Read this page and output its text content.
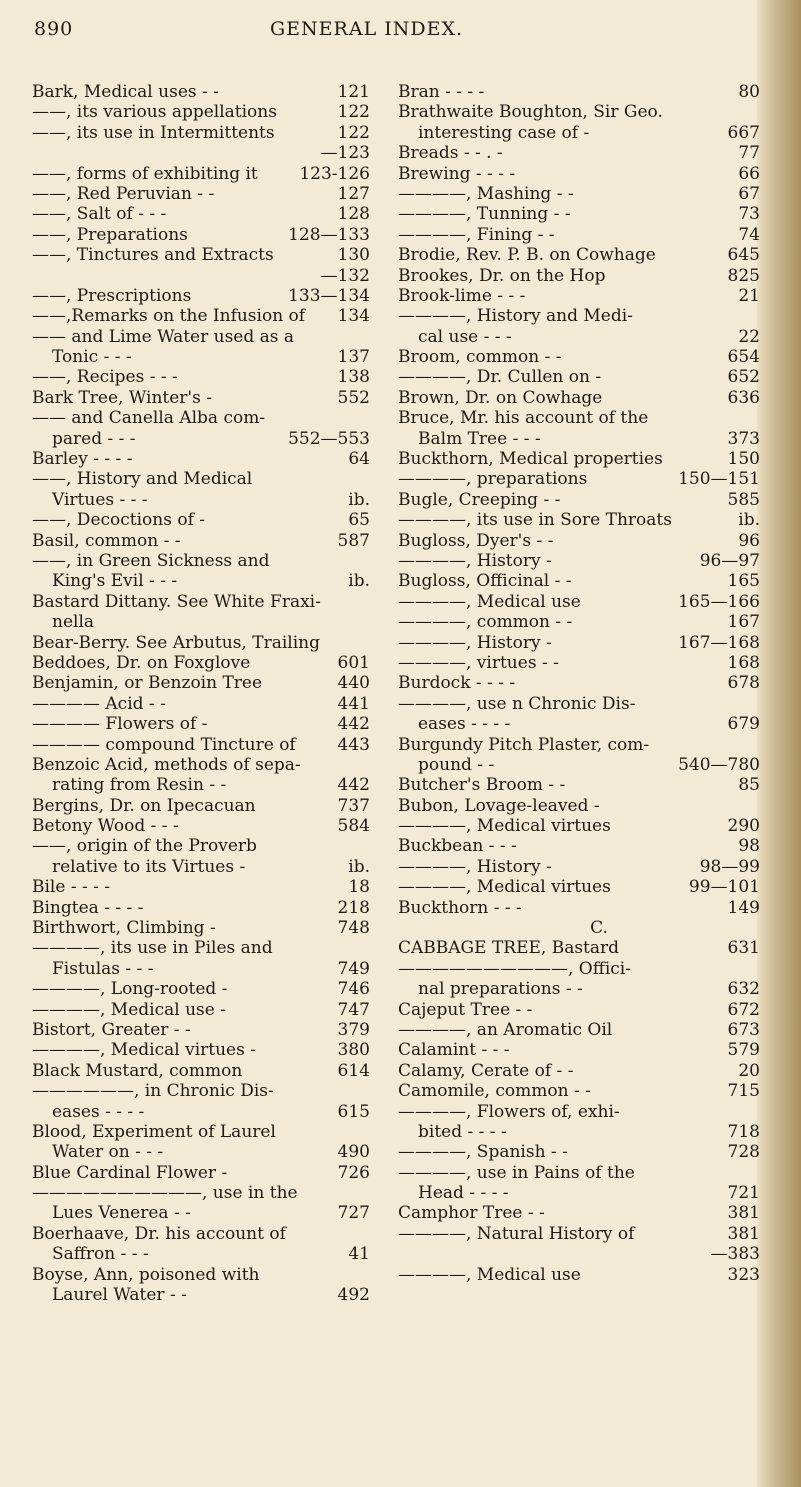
890	GENERAL INDEX.
Bark, Medical uses - -	121
——, its various appellations	122
——, its use in Intermittents	122
—123
——, forms of exhibiting it 123-126
——, Red Peruvian - -	127
——, Salt of - - -	128
——, Preparations	128—133
——, Tinctures and Extracts	130
—132
——, Prescriptions	133—134
——,Remarks on the Infusion of 134
—— and Lime Water used as a
Tonic - - -	137
——, Recipes - - -	138
Bark Tree, Winter's -	552
—— and Canella Alba com-
pared - - -	552—553
Barley - - - -	64
——, History and Medical
Virtues - - -	ib.
——, Decoctions of -	65
Basil, common - -	587
——, in Green Sickness and
King's Evil - - -	ib.
Bastard Dittany. See White Fraxi-
nella
Bear-Berry. See Arbutus, Trailing
Beddoes, Dr. on Foxglove	601
Benjamin, or Benzoin Tree	440
———— Acid - -	441
———— Flowers of -	442
———— compound Tincture of 443
Benzoic Acid, methods of sepa-
rating from Resin - -	442
Bergins, Dr. on Ipecacuan	737
Betony Wood - - -	584
——, origin of the Proverb
relative to its Virtues -	ib.
Bile - - - -	18
Bingtea - - - -	218
Birthwort, Climbing -	748
————, its use in Piles and
Fistulas - - -	749
————, Long-rooted -	746
————, Medical use -	747
Bistort, Greater - -	379
————, Medical virtues -	380
Black Mustard, common	614
——————, in Chronic Dis-
eases - - - -	615
Blood, Experiment of Laurel
Water on - - -	490
Blue Cardinal Flower -	726
——————————, use in the
Lues Venerea - -	727
Boerhaave, Dr. his account of
Saffron - - -	41
Boyse, Ann, poisoned with
Laurel Water - -	492
Bran - - - -	80
Brathwaite Boughton, Sir Geo.
interesting case of -	667
Breads - - . -	77
Brewing - - - -	66
————, Mashing - -	67
————, Tunning - -	73
————, Fining - -	74
Brodie, Rev. P. B. on Cowhage	645
Brookes, Dr. on the Hop	825
Brook-lime - - -	21
————, History and Medi-
cal use - - -	22
Broom, common - -	654
————, Dr. Cullen on -	652
Brown, Dr. on Cowhage	636
Bruce, Mr. his account of the
Balm Tree - - -	373
Buckthorn, Medical properties	150
————, preparations	150—151
Bugle, Creeping - -	585
————, its use in Sore Throats	ib.
Bugloss, Dyer's - -	96
————, History -	96—97
Bugloss, Officinal - -	165
————, Medical use	165—166
————, common - -	167
————, History -	167—168
————, virtues - -	168
Burdock - - - -	678
————, use n Chronic Dis-
eases - - - -	679
Burgundy Pitch Plaster, com-
pound - -	540—780
Butcher's Broom - -	85
Bubon, Lovage-leaved -
————, Medical virtues	290
Buckbean - - -	98
————, History -	98—99
————, Medical virtues	99—101
Buckthorn - - -	149
C.
CABBAGE TREE, Bastard	631
——————————, Offici-
nal preparations - -	632
Cajeput Tree - -	672
————, an Aromatic Oil	673
Calamint - - -	579
Calamy, Cerate of - -	20
Camomile, common - -	715
————, Flowers of, exhi-
bited - - - -	718
————, Spanish - -	728
————, use in Pains of the
Head - - - -	721
Camphor Tree - -	381
————, Natural History of	381
—383
————, Medical use	323
